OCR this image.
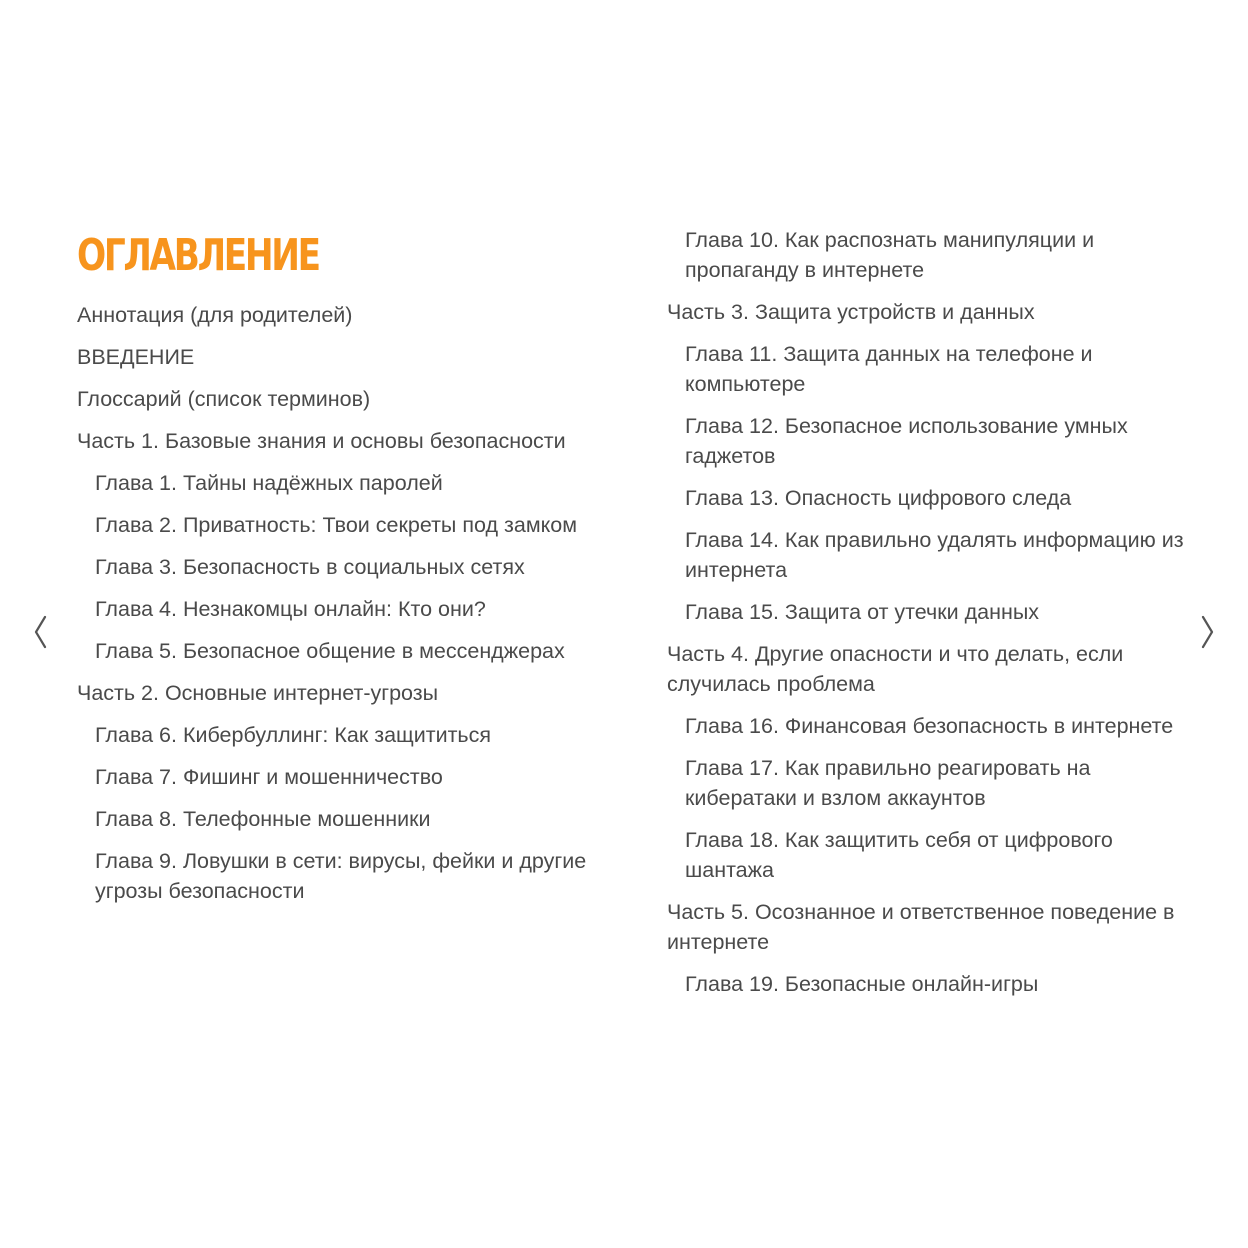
ОГЛАВЛЕНИЕ
Аннотация (для родителей)
ВВЕДЕНИЕ
Глоссарий (список терминов)
Часть 1. Базовые знания и основы безопасности
Глава 1. Тайны надёжных паролей
Глава 2. Приватность: Твои секреты под замком
Глава 3. Безопасность в социальных сетях
Глава 4. Незнакомцы онлайн: Кто они?
Глава 5. Безопасное общение в мессенджерах
Часть 2. Основные интернет-угрозы
Глава 6. Кибербуллинг: Как защититься
Глава 7. Фишинг и мошенничество
Глава 8. Телефонные мошенники
Глава 9. Ловушки в сети: вирусы, фейки и другие угрозы безопасности
Глава 10. Как распознать манипуляции и пропаганду в интернете
Часть 3. Защита устройств и данных
Глава 11. Защита данных на телефоне и компьютере
Глава 12. Безопасное использование умных гаджетов
Глава 13. Опасность цифрового следа
Глава 14. Как правильно удалять информацию из интернета
Глава 15. Защита от утечки данных
Часть 4. Другие опасности и что делать, если случилась проблема
Глава 16. Финансовая безопасность в интернете
Глава 17. Как правильно реагировать на кибератаки и взлом аккаунтов
Глава 18. Как защитить себя от цифрового шантажа
Часть 5. Осознанное и ответственное поведение в интернете
Глава 19. Безопасные онлайн-игры
